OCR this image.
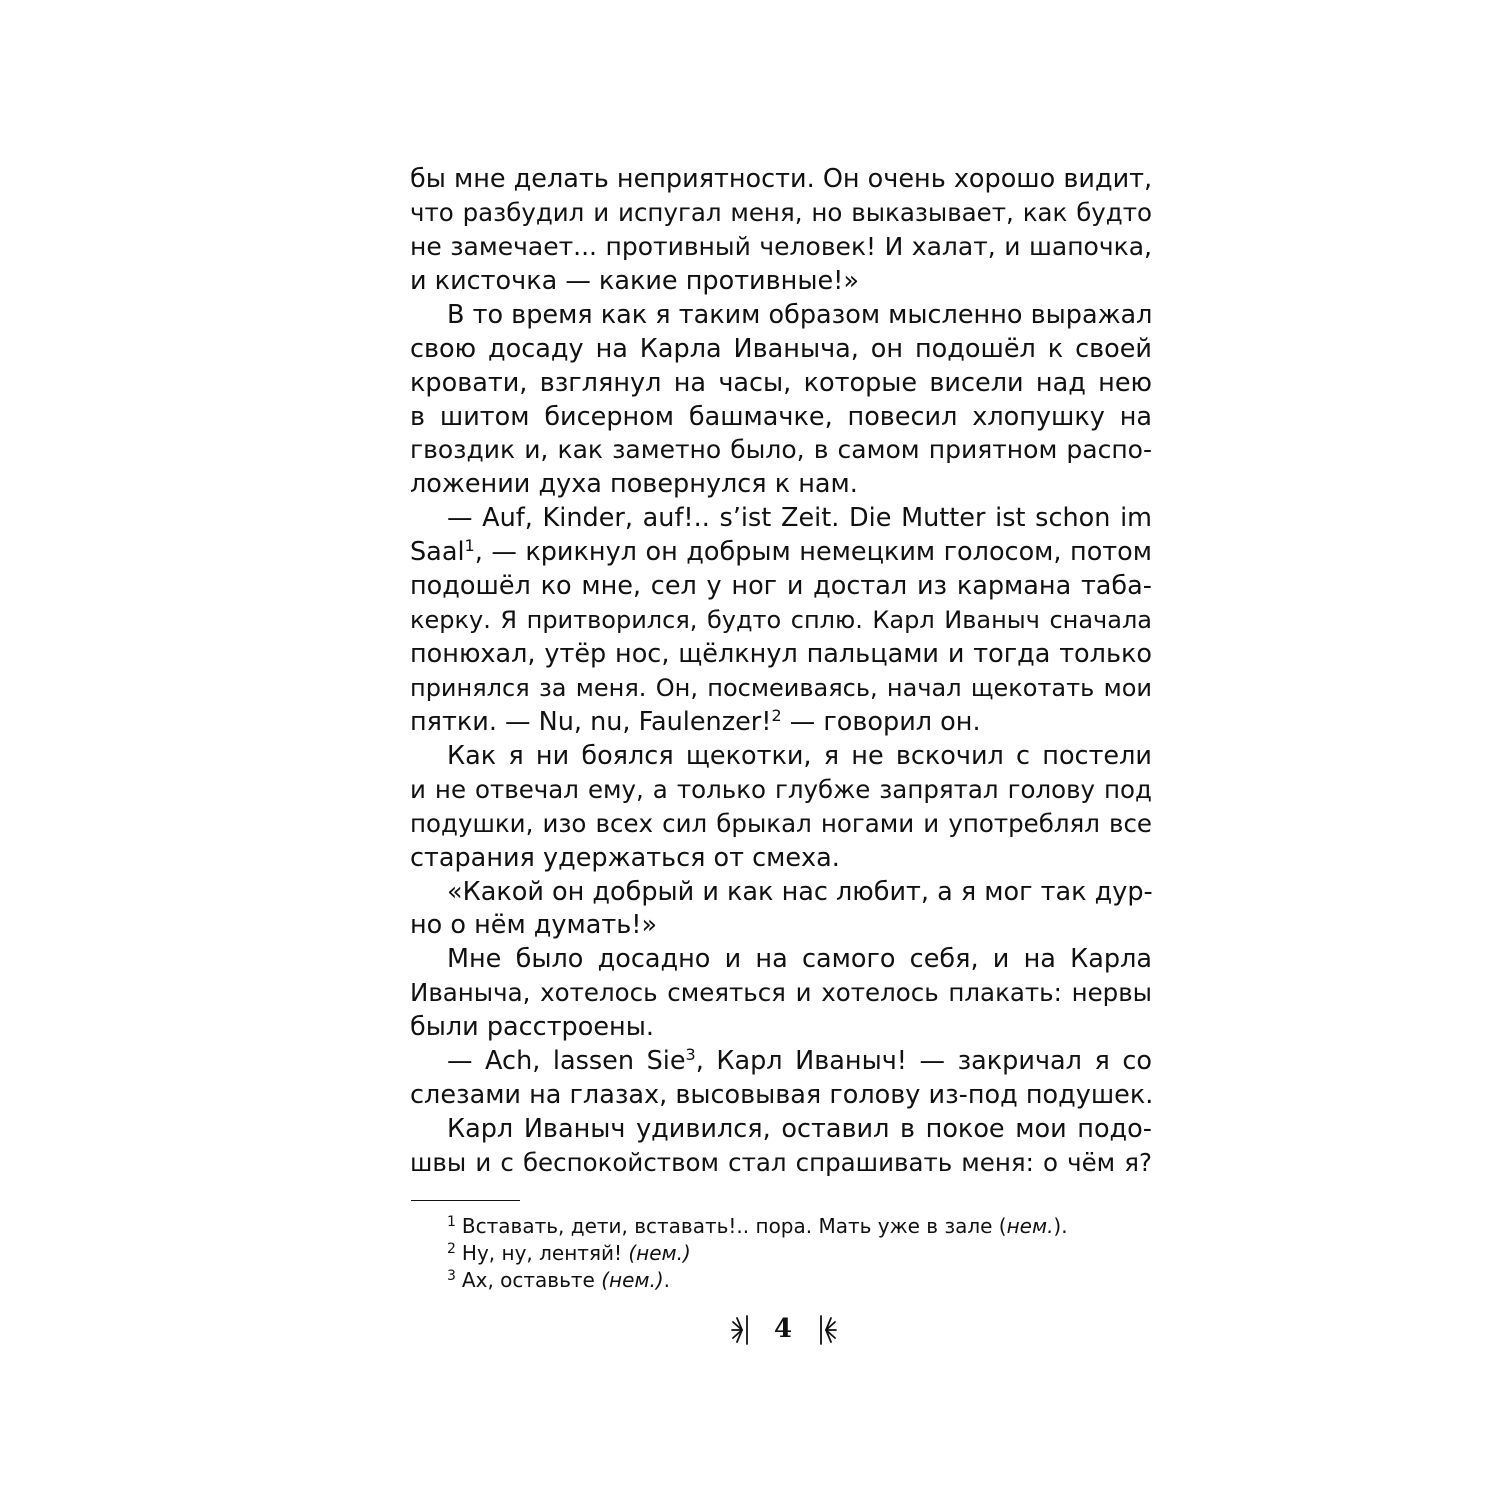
бы мне делать неприятности. Он очень хорошо видит,
что разбудил и испугал меня, но выказывает, как будто
не замечает... противный человек! И халат, и шапочка,
и кисточка — какие противные!»
В то время как я таким образом мысленно выражал
свою досаду на Карла Иваныча, он подошёл к своей
кровати, взглянул на часы, которые висели над нею
в шитом бисерном башмачке, повесил хлопушку на
гвоздик и, как заметно было, в самом приятном распо-
ложении духа повернулся к нам.
— Auf, Kinder, auf!.. s’ist Zeit. Die Mutter ist schon im
Saal$^1$, — крикнул он добрым немецким голосом, потом
подошёл ко мне, сел у ног и достал из кармана таба-
керку. Я притворился, будто сплю. Карл Иваныч сначала
понюхал, утёр нос, щёлкнул пальцами и тогда только
принялся за меня. Он, посмеиваясь, начал щекотать мои
пятки. — Nu, nu, Faulenzer!$^2$ — говорил он.
Как я ни боялся щекотки, я не вскочил с постели
и не отвечал ему, а только глубже запрятал голову под
подушки, изо всех сил брыкал ногами и употреблял все
старания удержаться от смеха.
«Какой он добрый и как нас любит, а я мог так дур-
но о нём думать!»
Мне было досадно и на самого себя, и на Карла
Иваныча, хотелось смеяться и хотелось плакать: нервы
были расстроены.
— Ach, lassen Sie$^3$, Карл Иваныч! — закричал я со
слезами на глазах, высовывая голову из-под подушек.
Карл Иваныч удивился, оставил в покое мои подо-
швы и с беспокойством стал спрашивать меня: о чём я?
$^1$ Вставать, дети, вставать!.. пора. Мать уже в зале (нем.).
$^2$ Ну, ну, лентяй! (нем.)
$^3$ Ах, оставьте (нем.).
4
